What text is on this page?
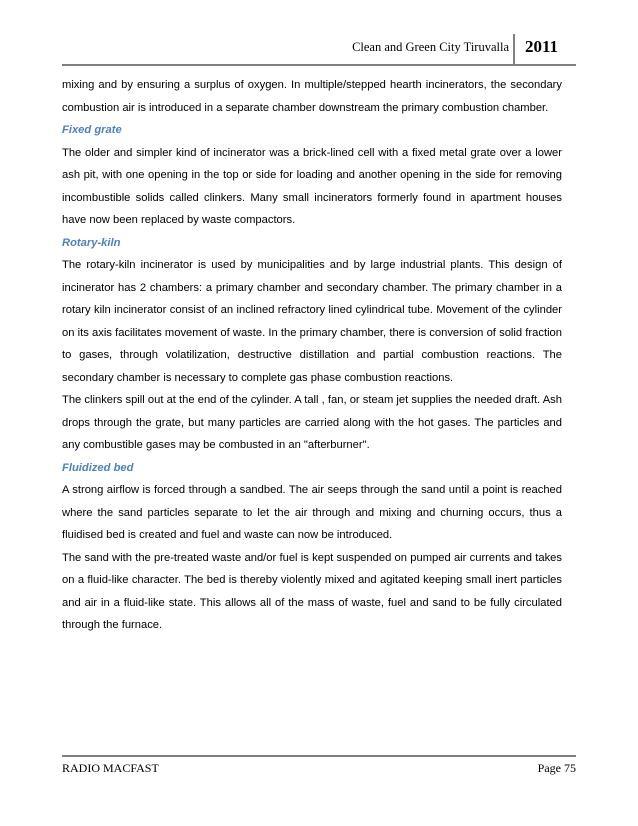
Clean and Green City Tiruvalla 2011

mixing and by ensuring a surplus of oxygen. In multiple/stepped hearth incinerators, the secondary combustion air is introduced in a separate chamber downstream the primary combustion chamber.

Fixed grate

The older and simpler kind of incinerator was a brick-lined cell with a fixed metal grate over a lower ash pit, with one opening in the top or side for loading and another opening in the side for removing incombustible solids called clinkers. Many small incinerators formerly found in apartment houses have now been replaced by waste compactors.

Rotary-kiln

The rotary-kiln incinerator is used by municipalities and by large industrial plants. This design of incinerator has 2 chambers: a primary chamber and secondary chamber. The primary chamber in a rotary kiln incinerator consist of an inclined refractory lined cylindrical tube. Movement of the cylinder on its axis facilitates movement of waste. In the primary chamber, there is conversion of solid fraction to gases, through volatilization, destructive distillation and partial combustion reactions. The secondary chamber is necessary to complete gas phase combustion reactions.

The clinkers spill out at the end of the cylinder. A tall , fan, or steam jet supplies the needed draft. Ash drops through the grate, but many particles are carried along with the hot gases. The particles and any combustible gases may be combusted in an "afterburner".

Fluidized bed

A strong airflow is forced through a sandbed. The air seeps through the sand until a point is reached where the sand particles separate to let the air through and mixing and churning occurs, thus a fluidised bed is created and fuel and waste can now be introduced.

The sand with the pre-treated waste and/or fuel is kept suspended on pumped air currents and takes on a fluid-like character. The bed is thereby violently mixed and agitated keeping small inert particles and air in a fluid-like state. This allows all of the mass of waste, fuel and sand to be fully circulated through the furnace.

RADIO MACFAST	Page 75
